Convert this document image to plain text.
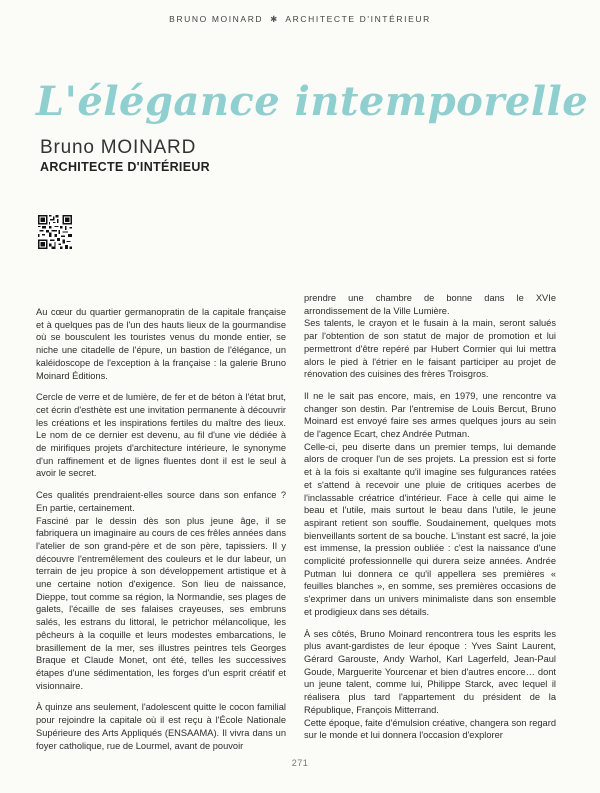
BRUNO MOINARD ✱ ARCHITECTE D'INTÉRIEUR
L'élégance intemporelle
Bruno MOINARD
ARCHITECTE D'INTÉRIEUR

Au cœur du quartier germanopratin de la capitale française et à quelques pas de l'un des hauts lieux de la gourmandise où se bousculent les touristes venus du monde entier, se niche une citadelle de l'épure, un bastion de l'élégance, un kaléidoscope de l'exception à la française : la galerie Bruno Moinard Éditions.

Cercle de verre et de lumière, de fer et de béton à l'état brut, cet écrin d'esthète est une invitation permanente à découvrir les créations et les inspirations fertiles du maître des lieux. Le nom de ce dernier est devenu, au fil d'une vie dédiée à de mirifiques projets d'architecture intérieure, le synonyme d'un raffinement et de lignes fluentes dont il est le seul à avoir le secret.

Ces qualités prendraient-elles source dans son enfance ? En partie, certainement.

Fasciné par le dessin dès son plus jeune âge, il se fabriquera un imaginaire au cours de ces frêles années dans l'atelier de son grand-père et de son père, tapissiers. Il y découvre l'entremêlement des couleurs et le dur labeur, un terrain de jeu propice à son développement artistique et à une certaine notion d'exigence. Son lieu de naissance, Dieppe, tout comme sa région, la Normandie, ses plages de galets, l'écaille de ses falaises crayeuses, ses embruns salés, les estrans du littoral, le petrichor mélancolique, les pêcheurs à la coquille et leurs modestes embarcations, le brasillement de la mer, ses illustres peintres tels Georges Braque et Claude Monet, ont été, telles les successives étapes d'une sédimentation, les forges d'un esprit créatif et visionnaire.

À quinze ans seulement, l'adolescent quitte le cocon familial pour rejoindre la capitale où il est reçu à l'École Nationale Supérieure des Arts Appliqués (ENSAAMA). Il vivra dans un foyer catholique, rue de Lourmel, avant de pouvoir

prendre une chambre de bonne dans le XVIe arrondissement de la Ville Lumière.

Ses talents, le crayon et le fusain à la main, seront salués par l'obtention de son statut de major de promotion et lui permettront d'être repéré par Hubert Cormier qui lui mettra alors le pied à l'étrier en le faisant participer au projet de rénovation des cuisines des frères Troisgros.

Il ne le sait pas encore, mais, en 1979, une rencontre va changer son destin. Par l'entremise de Louis Bercut, Bruno Moinard est envoyé faire ses armes quelques jours au sein de l'agence Ecart, chez Andrée Putman.

Celle-ci, peu diserte dans un premier temps, lui demande alors de croquer l'un de ses projets. La pression est si forte et à la fois si exaltante qu'il imagine ses fulgurances ratées et s'attend à recevoir une pluie de critiques acerbes de l'inclassable créatrice d'intérieur. Face à celle qui aime le beau et l'utile, mais surtout le beau dans l'utile, le jeune aspirant retient son souffle. Soudainement, quelques mots bienveillants sortent de sa bouche. L'instant est sacré, la joie est immense, la pression oubliée : c'est la naissance d'une complicité professionnelle qui durera seize années. Andrée Putman lui donnera ce qu'il appellera ses premières « feuilles blanches », en somme, ses premières occasions de s'exprimer dans un univers minimaliste dans son ensemble et prodigieux dans ses détails.

À ses côtés, Bruno Moinard rencontrera tous les esprits les plus avant-gardistes de leur époque : Yves Saint Laurent, Gérard Garouste, Andy Warhol, Karl Lagerfeld, Jean-Paul Goude, Marguerite Yourcenar et bien d'autres encore… dont un jeune talent, comme lui, Philippe Starck, avec lequel il réalisera plus tard l'appartement du président de la République, François Mitterrand.

Cette époque, faite d'émulsion créative, changera son regard sur le monde et lui donnera l'occasion d'explorer

271
